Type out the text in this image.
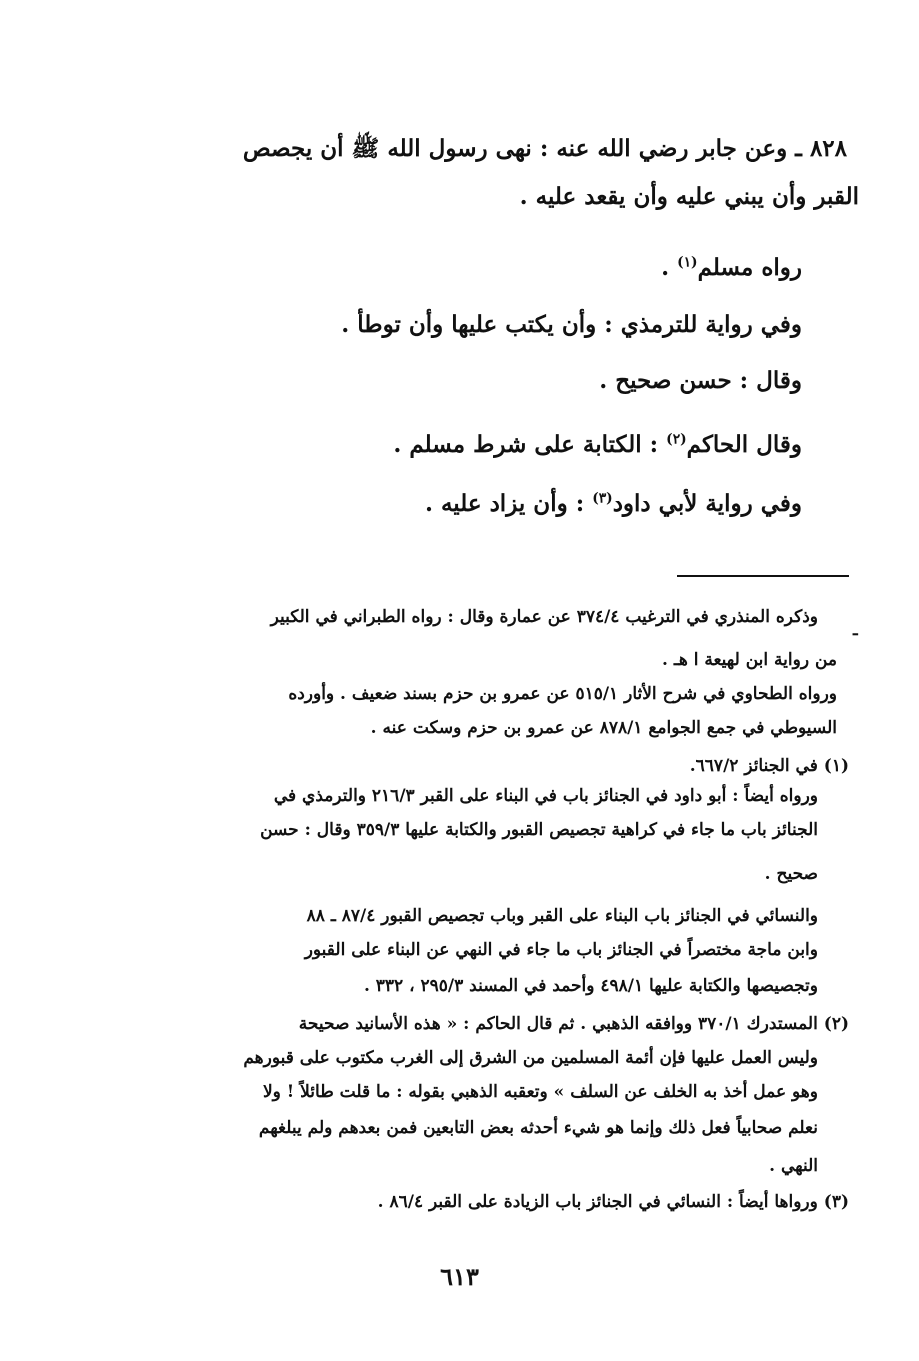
٨٢٨ ـ وعن جابر رضي الله عنه : نهى رسول الله ﷺ أن يجصص
القبر وأن يبني عليه وأن يقعد عليه .
رواه مسلم$^{(١)}$ .
وفي رواية للترمذي : وأن يكتب عليها وأن توطأ .
وقال : حسن صحيح .
وقال الحاكم$^{(٢)}$ : الكتابة على شرط مسلم .
وفي رواية لأبي داود$^{(٣)}$ : وأن يزاد عليه .
ـ
وذكره المنذري في الترغيب ٣٧٤/٤ عن عمارة وقال : رواه الطبراني في الكبير
من رواية ابن لهيعة ا هـ .
ورواه الطحاوي في شرح الأثار ٥١٥/١ عن عمرو بن حزم بسند ضعيف . وأورده
السيوطي في جمع الجوامع ٨٧٨/١ عن عمرو بن حزم وسكت عنه .
(١) في الجنائز ٦٦٧/٢.
ورواه أيضاً : أبو داود في الجنائز باب في البناء على القبر ٢١٦/٣ والترمذي في
الجنائز باب ما جاء في كراهية تجصيص القبور والكتابة عليها ٣٥٩/٣ وقال : حسن
صحيح .
والنسائي في الجنائز باب البناء على القبر وباب تجصيص القبور ٨٧/٤ ـ ٨٨
وابن ماجة مختصراً في الجنائز باب ما جاء في النهي عن البناء على القبور
وتجصيصها والكتابة عليها ٤٩٨/١ وأحمد في المسند ٢٩٥/٣ ، ٣٣٢ .
(٢) المستدرك ٣٧٠/١ ووافقه الذهبي . ثم قال الحاكم : « هذه الأسانيد صحيحة
وليس العمل عليها فإن أئمة المسلمين من الشرق إلى الغرب مكتوب على قبورهم
وهو عمل أخذ به الخلف عن السلف » وتعقبه الذهبي بقوله : ما قلت طائلاً ! ولا
نعلم صحابياً فعل ذلك وإنما هو شيء أحدثه بعض التابعين فمن بعدهم ولم يبلغهم
النهي .
(٣) ورواها أيضاً : النسائي في الجنائز باب الزيادة على القبر ٨٦/٤ .
٦١٣
